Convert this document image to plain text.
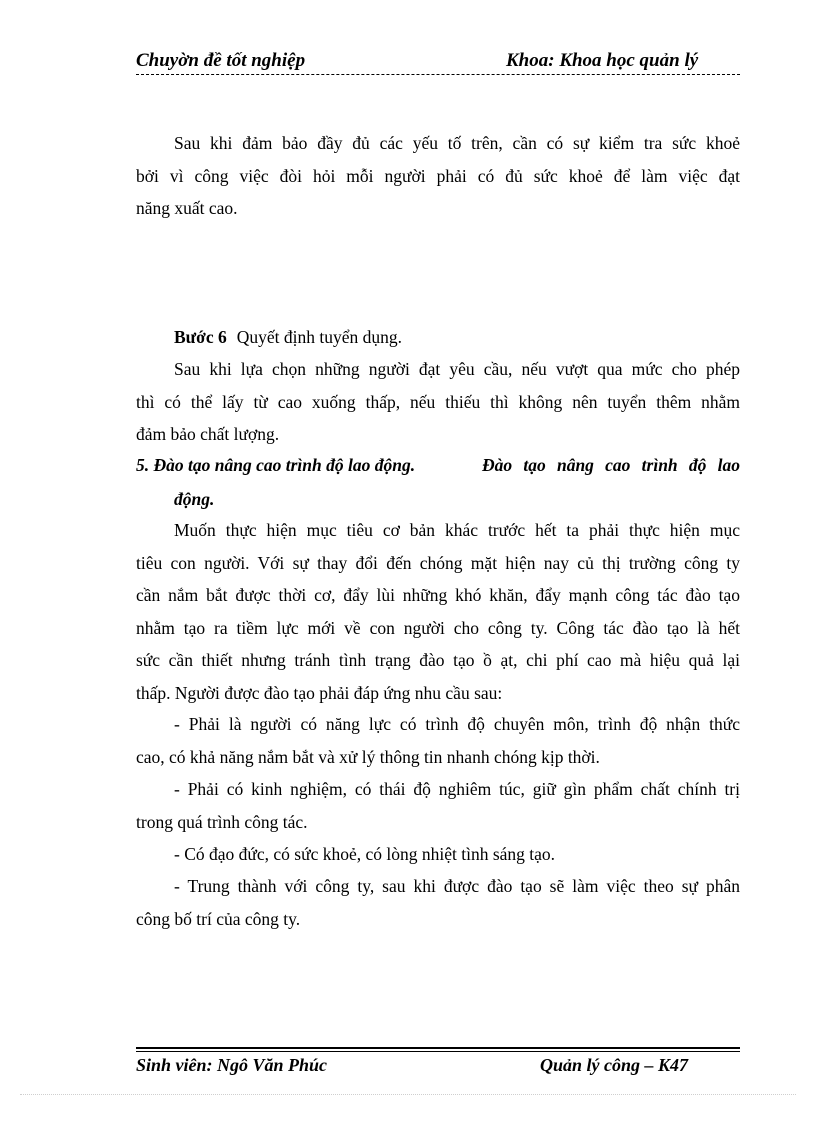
Chuyờn đề tốt nghiệp	Khoa: Khoa học quản lý
Sau khi đảm bảo đầy đủ các yếu tố trên, cần có sự kiểm tra sức khoẻ
bởi vì công việc đòi hỏi mỗi người phải có đủ sức khoẻ để làm việc đạt
năng xuất cao.
Bước 6 Quyết định tuyển dụng.
Sau khi lựa chọn những người đạt yêu cầu, nếu vượt qua mức cho phép
thì có thể lấy từ cao xuống thấp, nếu thiếu thì không nên tuyển thêm nhằm
đảm bảo chất lượng.
5. Đào tạo nâng cao trình độ lao động.	Đào tạo nâng cao trình độ lao
động.
Muốn thực hiện mục tiêu cơ bản khác trước hết ta phải thực hiện mục
tiêu con người. Với sự thay đổi đến chóng mặt hiện nay củ thị trường công ty
cần nắm bắt được thời cơ, đẩy lùi những khó khăn, đẩy mạnh công tác đào tạo
nhằm tạo ra tiềm lực mới về con người cho công ty. Công tác đào tạo là hết
sức cần thiết nhưng tránh tình trạng đào tạo ồ ạt, chi phí cao mà hiệu quả lại
thấp. Người được đào tạo phải đáp ứng nhu cầu sau:
- Phải là người có năng lực có trình độ chuyên môn, trình độ nhận thức
cao, có khả năng nắm bắt và xử lý thông tin nhanh chóng kịp thời.
- Phải có kinh nghiệm, có thái độ nghiêm túc, giữ gìn phẩm chất chính trị
trong quá trình công tác.
- Có đạo đức, có sức khoẻ, có lòng nhiệt tình sáng tạo.
- Trung thành với công ty, sau khi được đào tạo sẽ làm việc theo sự phân
công bố trí của công ty.
Sinh viên: Ngô Văn Phúc	Quản lý công – K47
